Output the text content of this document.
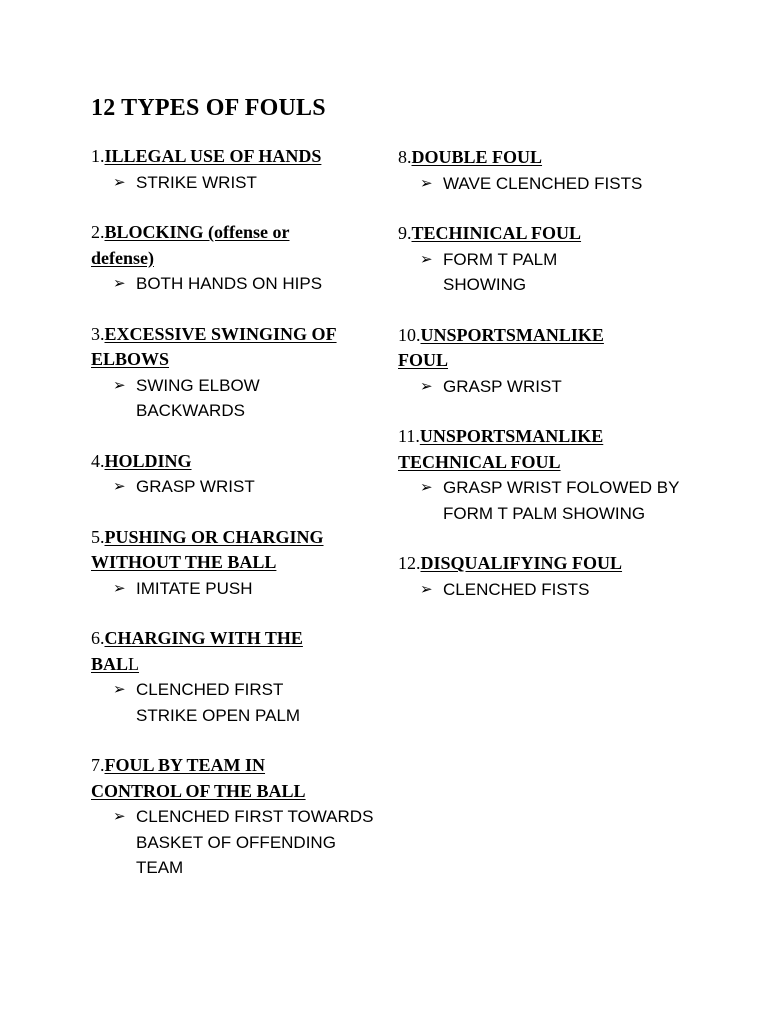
12 TYPES OF FOULS
1.ILLEGAL USE OF HANDS
➢ STRIKE WRIST
2.BLOCKING (offense or defense)
➢ BOTH HANDS ON HIPS
3.EXCESSIVE SWINGING OF ELBOWS
➢ SWING ELBOW BACKWARDS
4.HOLDING
➢ GRASP WRIST
5.PUSHING OR CHARGING WITHOUT THE BALL
➢ IMITATE PUSH
6.CHARGING WITH THE BALL
➢ CLENCHED FIRST STRIKE OPEN PALM
7.FOUL BY TEAM IN CONTROL OF THE BALL
➢ CLENCHED FIRST TOWARDS BASKET OF OFFENDING TEAM
8.DOUBLE FOUL
➢ WAVE CLENCHED FISTS
9.TECHINICAL FOUL
➢ FORM T PALM SHOWING
10.UNSPORTSMANLIKE FOUL
➢ GRASP WRIST
11.UNSPORTSMANLIKE TECHNICAL FOUL
➢ GRASP WRIST FOLOWED BY FORM T PALM SHOWING
12.DISQUALIFYING FOUL
➢ CLENCHED FISTS
